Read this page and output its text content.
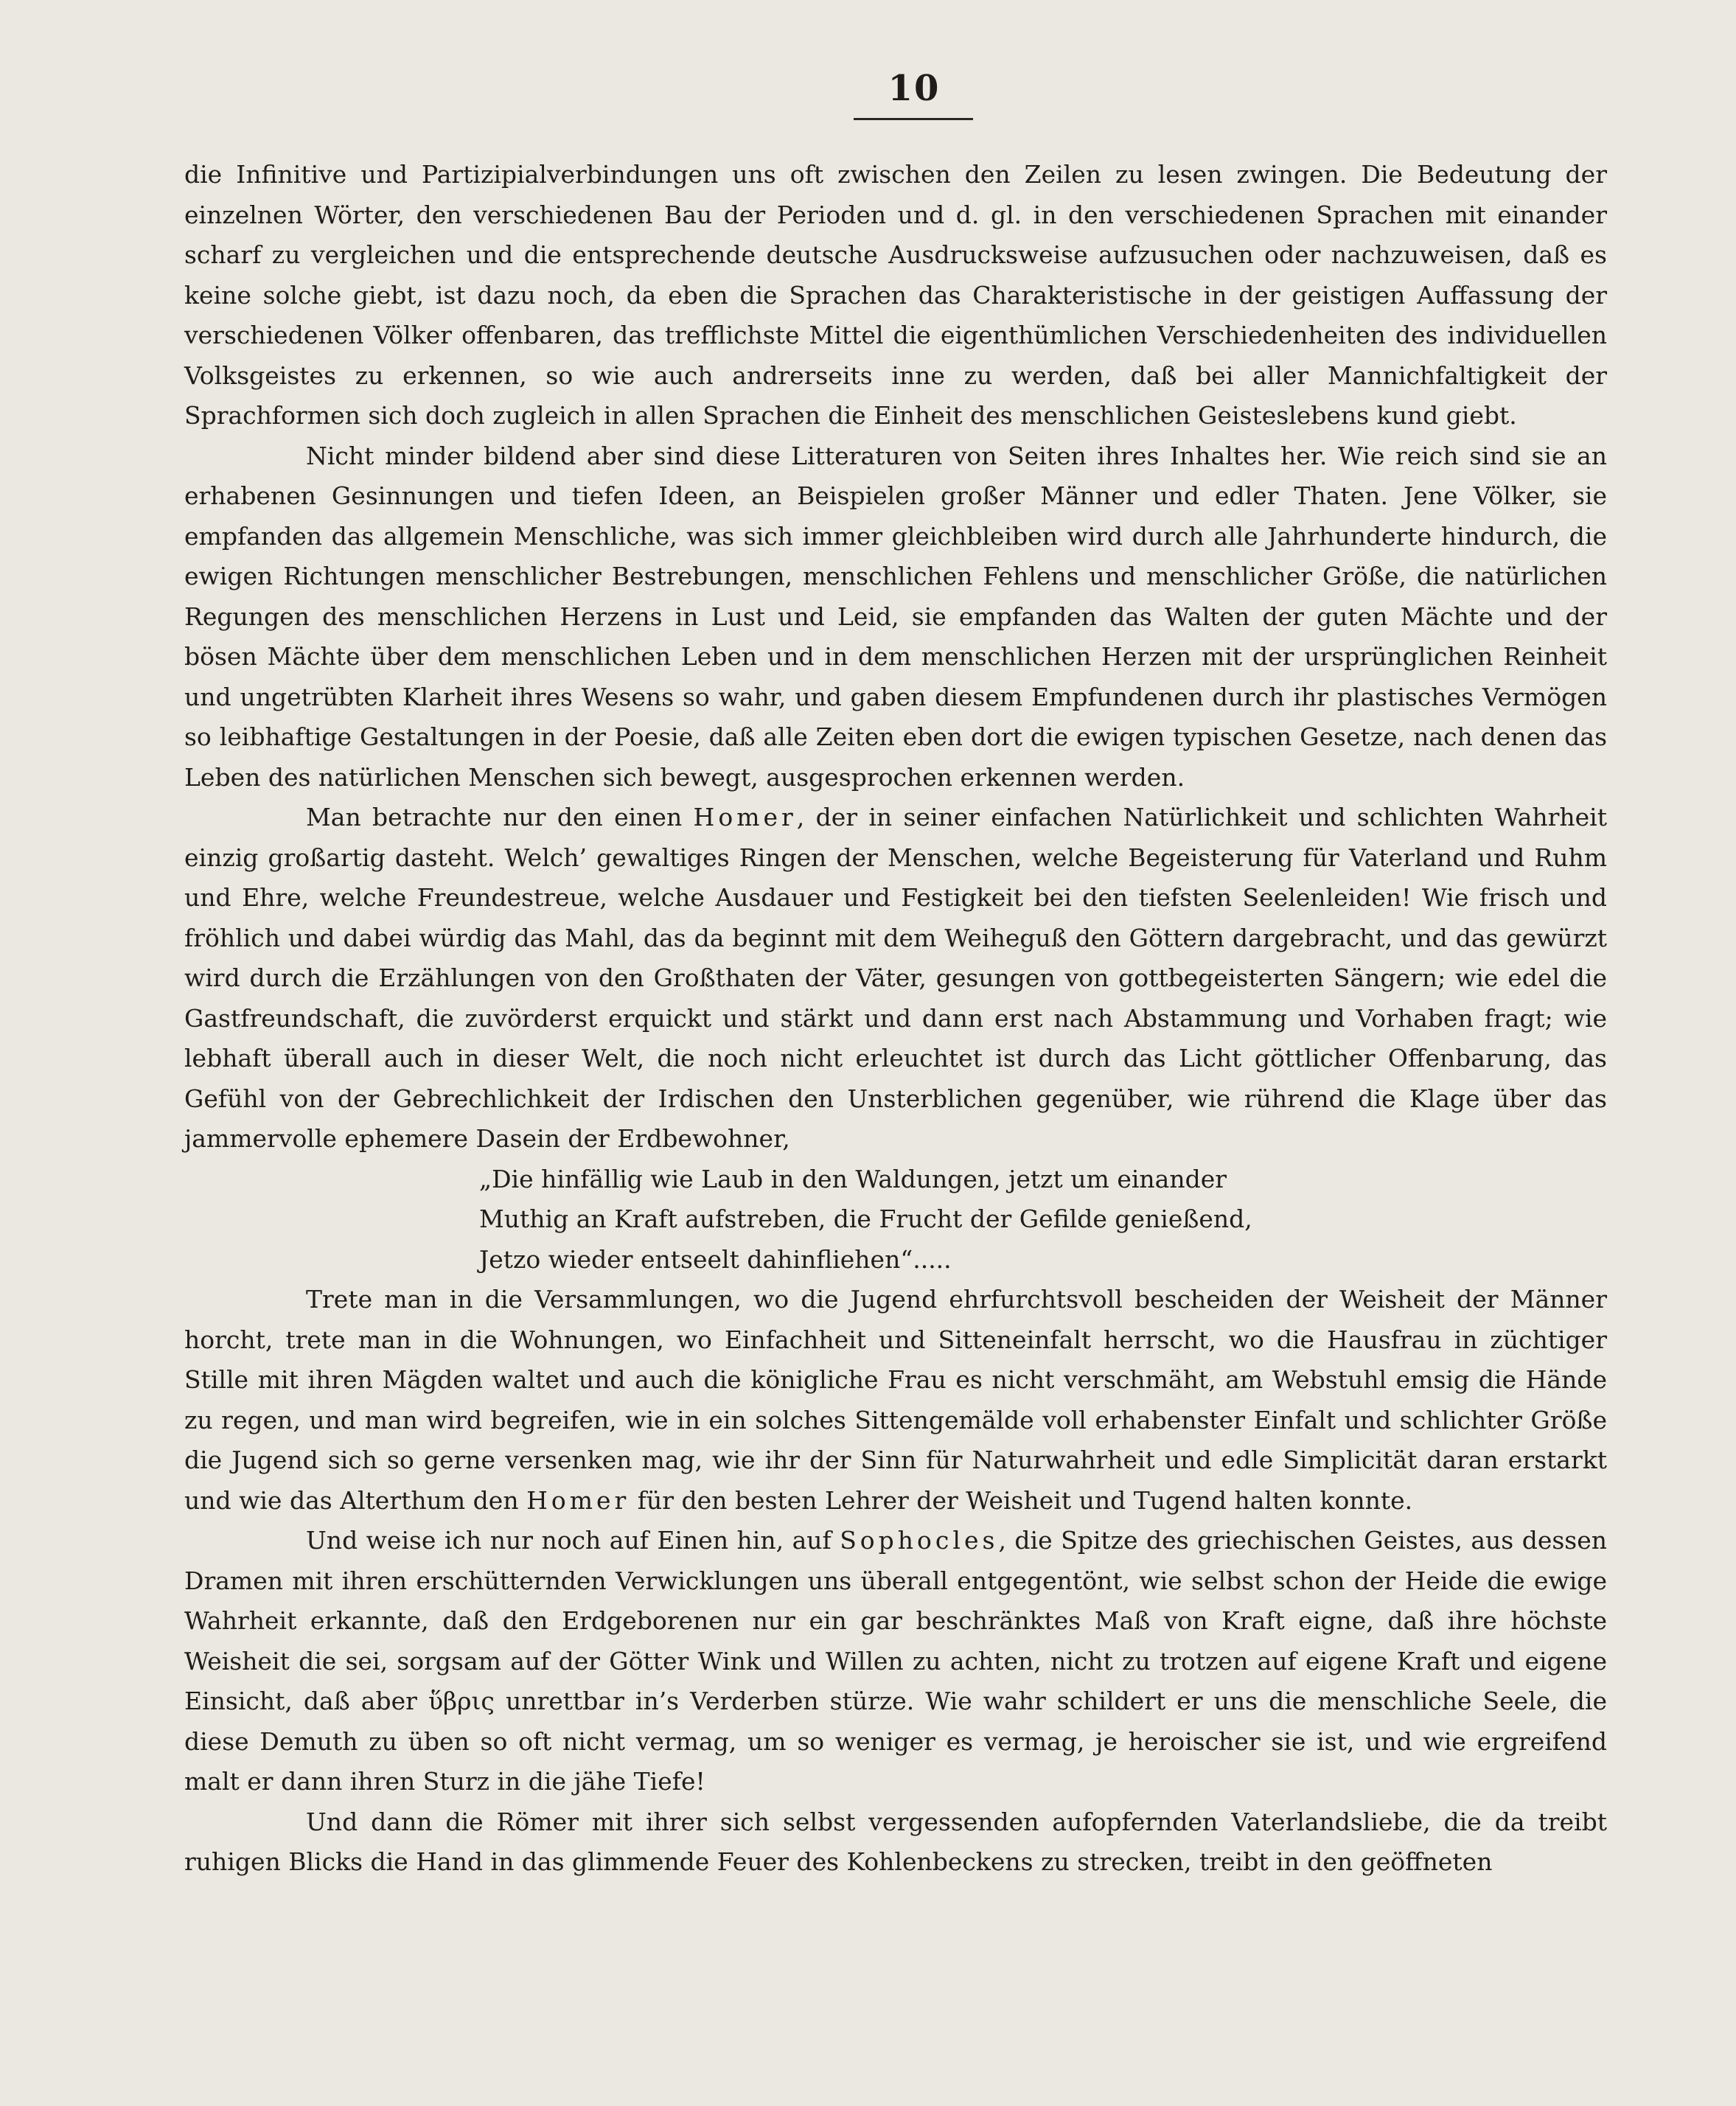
10

die Infinitive und Partizipialverbindungen uns oft zwischen den Zeilen zu lesen zwingen. Die Bedeutung der einzelnen Wörter, den verschiedenen Bau der Perioden und d. gl. in den verschiedenen Sprachen mit einander scharf zu vergleichen und die entsprechende deutsche Ausdrucksweise aufzusuchen oder nachzuweisen, daß es keine solche giebt, ist dazu noch, da eben die Sprachen das Charakteristische in der geistigen Auffassung der verschiedenen Völker offenbaren, das trefflichste Mittel die eigenthümlichen Verschiedenheiten des individuellen Volksgeistes zu erkennen, so wie auch andrerseits inne zu werden, daß bei aller Mannichfaltigkeit der Sprachformen sich doch zugleich in allen Sprachen die Einheit des menschlichen Geisteslebens kund giebt.

Nicht minder bildend aber sind diese Litteraturen von Seiten ihres Inhaltes her. Wie reich sind sie an erhabenen Gesinnungen und tiefen Ideen, an Beispielen großer Männer und edler Thaten. Jene Völker, sie empfanden das allgemein Menschliche, was sich immer gleichbleiben wird durch alle Jahrhunderte hindurch, die ewigen Richtungen menschlicher Bestrebungen, menschlichen Fehlens und menschlicher Größe, die natürlichen Regungen des menschlichen Herzens in Lust und Leid, sie empfanden das Walten der guten Mächte und der bösen Mächte über dem menschlichen Leben und in dem menschlichen Herzen mit der ursprünglichen Reinheit und ungetrübten Klarheit ihres Wesens so wahr, und gaben diesem Empfundenen durch ihr plastisches Vermögen so leibhaftige Gestaltungen in der Poesie, daß alle Zeiten eben dort die ewigen typischen Gesetze, nach denen das Leben des natürlichen Menschen sich bewegt, ausgesprochen erkennen werden.

Man betrachte nur den einen Homer, der in seiner einfachen Natürlichkeit und schlichten Wahrheit einzig großartig dasteht. Welch’ gewaltiges Ringen der Menschen, welche Begeisterung für Vaterland und Ruhm und Ehre, welche Freundestreue, welche Ausdauer und Festigkeit bei den tiefsten Seelenleiden! Wie frisch und fröhlich und dabei würdig das Mahl, das da beginnt mit dem Weiheguß den Göttern dargebracht, und das gewürzt wird durch die Erzählungen von den Großthaten der Väter, gesungen von gottbegeisterten Sängern; wie edel die Gastfreundschaft, die zuvörderst erquickt und stärkt und dann erst nach Abstammung und Vorhaben fragt; wie lebhaft überall auch in dieser Welt, die noch nicht erleuchtet ist durch das Licht göttlicher Offenbarung, das Gefühl von der Gebrechlichkeit der Irdischen den Unsterblichen gegenüber, wie rührend die Klage über das jammervolle ephemere Dasein der Erdbewohner,

„Die hinfällig wie Laub in den Waldungen, jetzt um einander
Muthig an Kraft aufstreben, die Frucht der Gefilde genießend,
Jetzo wieder entseelt dahinfliehen“.....

Trete man in die Versammlungen, wo die Jugend ehrfurchtsvoll bescheiden der Weisheit der Männer horcht, trete man in die Wohnungen, wo Einfachheit und Sitteneinfalt herrscht, wo die Hausfrau in züchtiger Stille mit ihren Mägden waltet und auch die königliche Frau es nicht verschmäht, am Webstuhl emsig die Hände zu regen, und man wird begreifen, wie in ein solches Sittengemälde voll erhabenster Einfalt und schlichter Größe die Jugend sich so gerne versenken mag, wie ihr der Sinn für Naturwahrheit und edle Simplicität daran erstarkt und wie das Alterthum den Homer für den besten Lehrer der Weisheit und Tugend halten konnte.

Und weise ich nur noch auf Einen hin, auf Sophocles, die Spitze des griechischen Geistes, aus dessen Dramen mit ihren erschütternden Verwicklungen uns überall entgegentönt, wie selbst schon der Heide die ewige Wahrheit erkannte, daß den Erdgeborenen nur ein gar beschränktes Maß von Kraft eigne, daß ihre höchste Weisheit die sei, sorgsam auf der Götter Wink und Willen zu achten, nicht zu trotzen auf eigene Kraft und eigene Einsicht, daß aber ὕβρις unrettbar in’s Verderben stürze. Wie wahr schildert er uns die menschliche Seele, die diese Demuth zu üben so oft nicht vermag, um so weniger es vermag, je heroischer sie ist, und wie ergreifend malt er dann ihren Sturz in die jähe Tiefe!

Und dann die Römer mit ihrer sich selbst vergessenden aufopfernden Vaterlandsliebe, die da treibt ruhigen Blicks die Hand in das glimmende Feuer des Kohlenbeckens zu strecken, treibt in den geöffneten
